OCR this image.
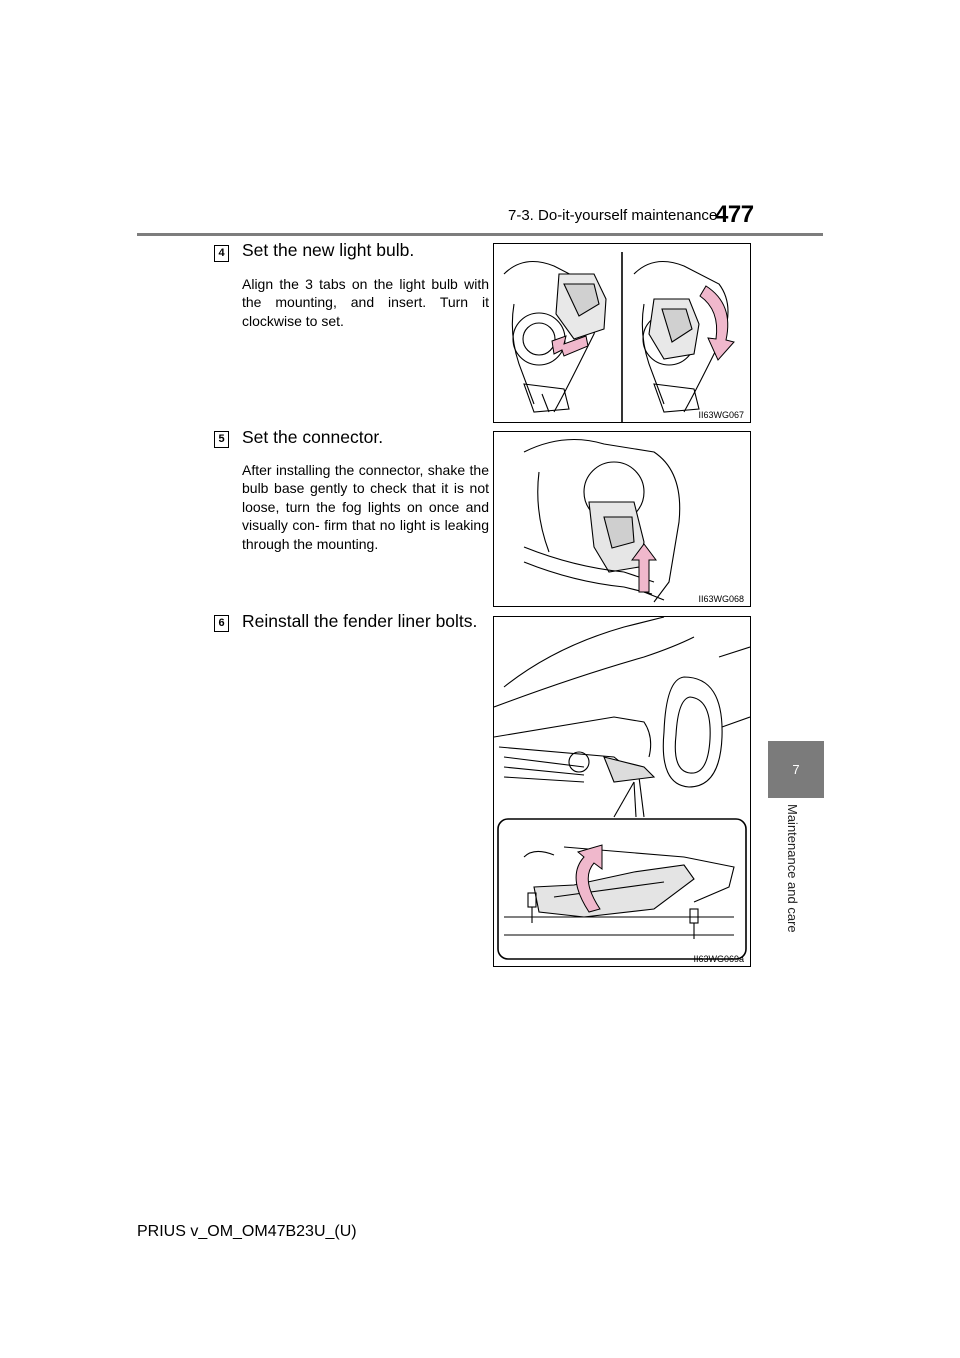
7-3. Do-it-yourself maintenance
477
4 Set the new light bulb.
Align the 3 tabs on the light bulb with the mounting, and insert. Turn it clockwise to set.
II63WG067
5 Set the connector.
After installing the connector, shake the bulb base gently to check that it is not loose, turn the fog lights on once and visually con- firm that no light is leaking through the mounting.
II63WG068
6 Reinstall the fender liner bolts.
II63WG069a
7
Maintenance and care
PRIUS v_OM_OM47B23U_(U)
